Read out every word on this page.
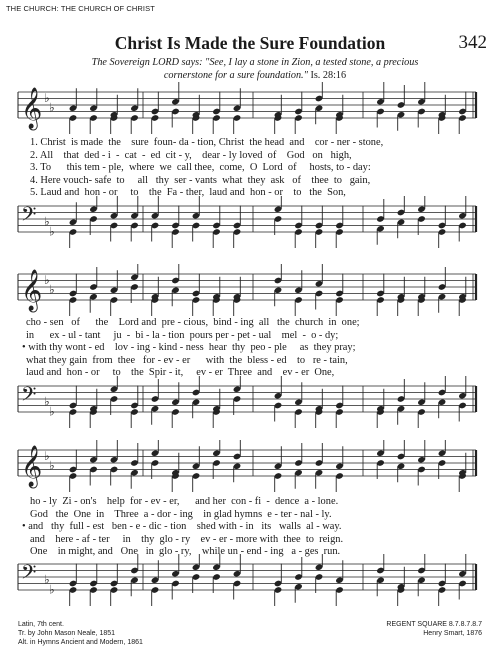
THE CHURCH: THE CHURCH OF CHRIST
Christ Is Made the Sure Foundation	342
The Sovereign LORD says: "See, I lay a stone in Zion, a tested stone, a precious
cornerstone for a sure foundation." Is. 28:16
𝄞 ♭
♭
1. Christ  is made  the    sure  foun- da - tion, Christ  the head  and    cor - ner - stone,
2. All    that  ded - i  -  cat  -  ed  cit - y,    dear - ly loved  of    God   on   high,
3. To      this tem - ple,  where  we  call thee,  come,  O  Lord  of     hosts, to - day:
4. Here vouch- safe  to     all   thy  ser - vants  what  they  ask   of    thee  to   gain,
5. Laud and  hon - or     to    the  Fa - ther,  laud and  hon - or    to   the  Son,
𝄢 ♭
♭
𝄞 ♭
♭
cho - sen   of      the    Lord and  pre - cious,  bind - ing  all   the  church  in  one;
in      ex - ul - tant     ju  -  bi - la - tion  pours per - pet - ual    mel  -  o - dy;
• with thy wont - ed    lov - ing - kind - ness  hear  thy  peo - ple     as  they pray;
what they gain  from  thee   for - ev - er      with  the  bless - ed    to   re - tain,
laud and  hon - or     to    the  Spir - it,     ev - er  Three  and    ev - er  One,
𝄢 ♭
♭
𝄞 ♭
♭
ho - ly  Zi - on's    help  for - ev - er,      and her  con - fi  -  dence  a - lone.
God   the  One  in    Three  a - dor - ing    in glad hymns  e - ter - nal - ly.
• and   thy  full - est   ben - e - dic - tion    shed with - in   its   walls  al - way.
and    here - af - ter     in    thy  glo - ry    ev - er - more with  thee  to  reign.
One    in might, and   One   in  glo - ry,    while un - end - ing   a - ges  run.
𝄢 ♭
♭
Latin, 7th cent.
Tr. by John Mason Neale, 1851
Alt. in Hymns Ancient and Modern, 1861
REGENT SQUARE 8.7.8.7.8.7
Henry Smart, 1876
